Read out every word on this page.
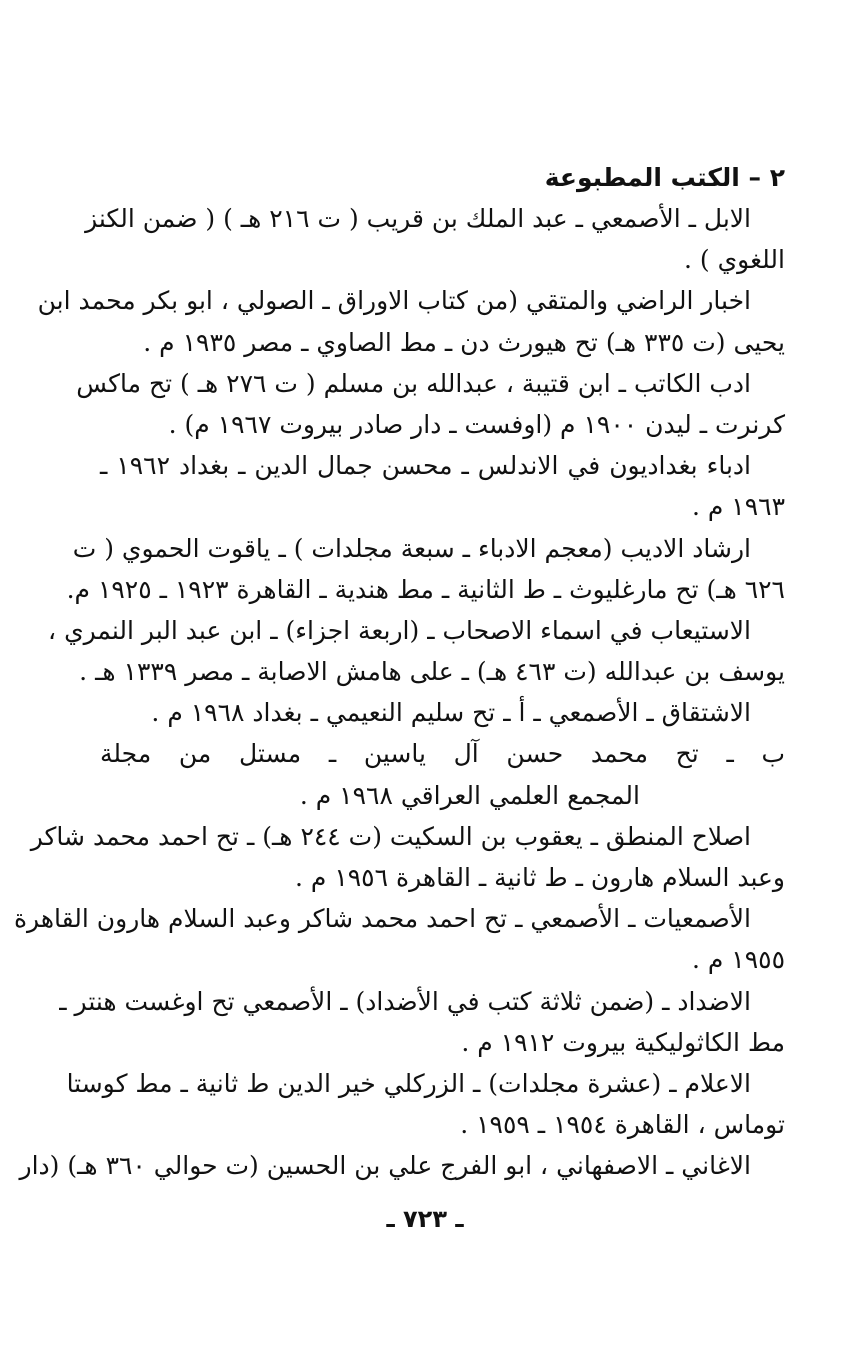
٢ – الكتب المطبوعة
الابل ـ الأصمعي ـ عبد الملك بن قريب ( ت ٢١٦ هـ ) ( ضمن الكنز
اللغوي ) .
اخبار الراضي والمتقي (من كتاب الاوراق ـ الصولي ، ابو بكر محمد ابن
يحيى (ت ٣٣٥ هـ) تح هيورث دن ـ مط الصاوي ـ مصر ١٩٣٥ م .
ادب الكاتب ـ ابن قتيبة ، عبدالله بن مسلم ( ت ٢٧٦ هـ ) تح ماكس
كرنرت ـ ليدن ١٩٠٠ م (اوفست ـ دار صادر بيروت ١٩٦٧ م) .
ادباء بغداديون في الاندلس ـ محسن جمال الدين ـ بغداد ١٩٦٢ ـ
١٩٦٣ م .
ارشاد الاديب (معجم الادباء ـ سبعة مجلدات ) ـ ياقوت الحموي ( ت
٦٢٦ هـ) تح مارغليوث ـ ط الثانية ـ مط هندية ـ القاهرة ١٩٢٣ ـ ١٩٢٥ م.
الاستيعاب في اسماء الاصحاب ـ (اربعة اجزاء) ـ ابن عبد البر النمري ،
يوسف بن عبدالله (ت ٤٦٣ هـ) ـ على هامش الاصابة ـ مصر ١٣٣٩ هـ .
الاشتقاق ـ الأصمعي ـ أ ـ تح سليم النعيمي ـ بغداد ١٩٦٨ م .
ب ـ تح محمد حسن آل ياسين ـ مستل من مجلة
المجمع العلمي العراقي ١٩٦٨ م .
اصلاح المنطق ـ يعقوب بن السكيت (ت ٢٤٤ هـ) ـ تح احمد محمد شاكر
وعبد السلام هارون ـ ط ثانية ـ القاهرة ١٩٥٦ م .
الأصمعيات ـ الأصمعي ـ تح احمد محمد شاكر وعبد السلام هارون القاهرة
١٩٥٥ م .
الاضداد ـ (ضمن ثلاثة كتب في الأضداد) ـ الأصمعي تح اوغست هنتر ـ
مط الكاثوليكية بيروت ١٩١٢ م .
الاعلام ـ (عشرة مجلدات) ـ الزركلي خير الدين ط ثانية ـ مط كوستا
توماس ، القاهرة ١٩٥٤ ـ ١٩٥٩ .
الاغاني ـ الاصفهاني ، ابو الفرج علي بن الحسين (ت حوالي ٣٦٠ هـ) (دار
ـ ٧٢٣ ـ
